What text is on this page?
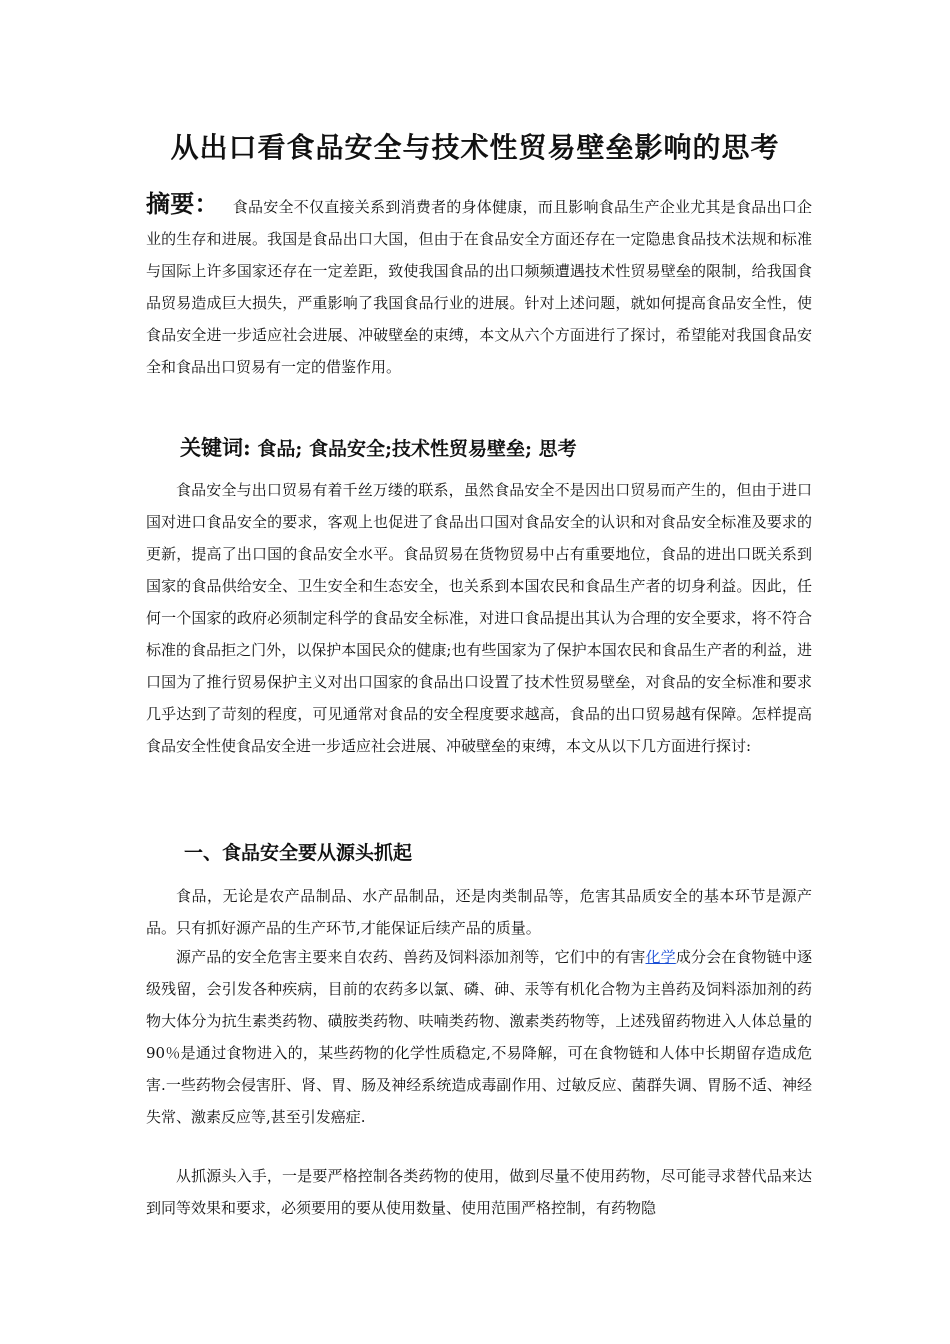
从出口看食品安全与技术性贸易壁垒影响的思考
摘要： 食品安全不仅直接关系到消费者的身体健康，而且影响食品生产企业尤其是食品出口企业的生存和进展。我国是食品出口大国，但由于在食品安全方面还存在一定隐患食品技术法规和标准与国际上许多国家还存在一定差距，致使我国食品的出口频频遭遇技术性贸易壁垒的限制，给我国食品贸易造成巨大损失，严重影响了我国食品行业的进展。针对上述问题，就如何提高食品安全性，使食品安全进一步适应社会进展、冲破壁垒的束缚，本文从六个方面进行了探讨，希望能对我国食品安全和食品出口贸易有一定的借鉴作用。
关键词: 食品; 食品安全;技术性贸易壁垒; 思考

食品安全与出口贸易有着千丝万缕的联系，虽然食品安全不是因出口贸易而产生的，但由于进口国对进口食品安全的要求，客观上也促进了食品出口国对食品安全的认识和对食品安全标准及要求的更新，提高了出口国的食品安全水平。食品贸易在货物贸易中占有重要地位，食品的进出口既关系到国家的食品供给安全、卫生安全和生态安全，也关系到本国农民和食品生产者的切身利益。因此，任何一个国家的政府必须制定科学的食品安全标准，对进口食品提出其认为合理的安全要求，将不符合标准的食品拒之门外，以保护本国民众的健康;也有些国家为了保护本国农民和食品生产者的利益，进口国为了推行贸易保护主义对出口国家的食品出口设置了技术性贸易壁垒，对食品的安全标准和要求几乎达到了苛刻的程度，可见通常对食品的安全程度要求越高，食品的出口贸易越有保障。怎样提高食品安全性使食品安全进一步适应社会进展、冲破壁垒的束缚，本文从以下几方面进行探讨:

一、食品安全要从源头抓起

食品，无论是农产品制品、水产品制品，还是肉类制品等，危害其品质安全的基本环节是源产品。只有抓好源产品的生产环节,才能保证后续产品的质量。

源产品的安全危害主要来自农药、兽药及饲料添加剂等，它们中的有害化学成分会在食物链中逐级残留，会引发各种疾病，目前的农药多以氯、磷、砷、汞等有机化合物为主兽药及饲料添加剂的药物大体分为抗生素类药物、磺胺类药物、呋喃类药物、激素类药物等，上述残留药物进入人体总量的90％是通过食物进入的，某些药物的化学性质稳定,不易降解，可在食物链和人体中长期留存造成危害.一些药物会侵害肝、肾、胃、肠及神经系统造成毒副作用、过敏反应、菌群失调、胃肠不适、神经失常、激素反应等,甚至引发癌症.

从抓源头入手，一是要严格控制各类药物的使用，做到尽量不使用药物，尽可能寻求替代品来达到同等效果和要求，必须要用的要从使用数量、使用范围严格控制，有药物隐
